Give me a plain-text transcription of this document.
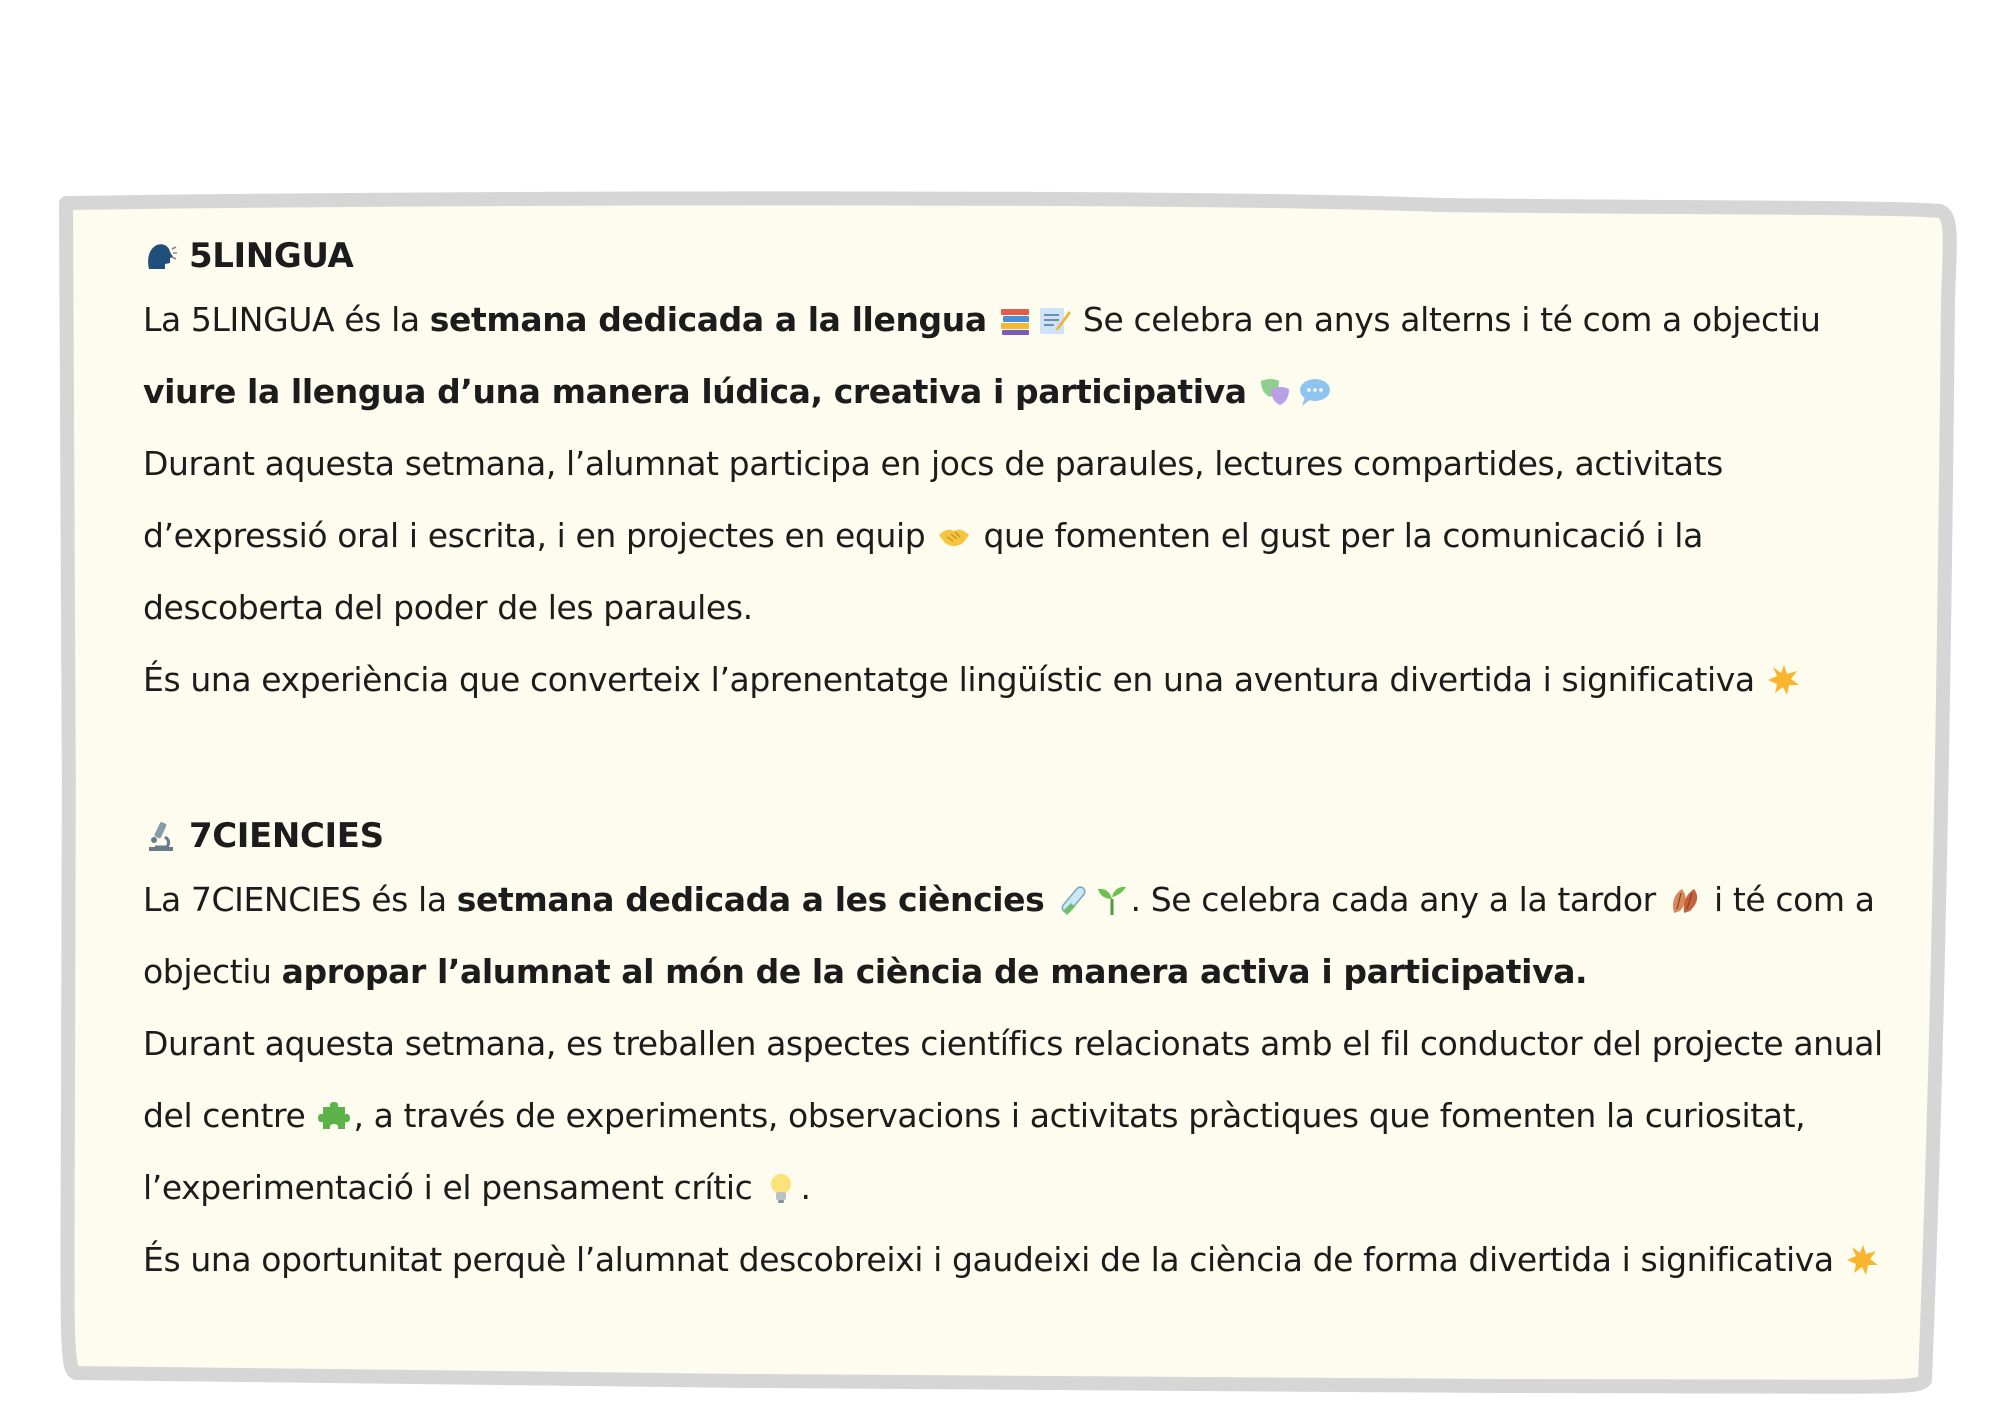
5LINGUA

La 5LINGUA és la setmana dedicada a la llengua	Se celebra en anys alterns i té com a objectiu viure la llengua d’una manera lúdica, creativa i participativa

Durant aquesta setmana, l’alumnat participa en jocs de paraules, lectures compartides, activitats d’expressió oral i escrita, i en projectes en equip
que fomenten el gust per la comunicació i la descoberta del poder de les paraules.

És una experiència que converteix l’aprenentatge lingüístic en una aventura divertida i significativa

7CIENCIES

La 7CIENCIES és la setmana dedicada a les ciències	. Se celebra cada any a la tardor
i té com a objectiu apropar l’alumnat al món de la ciència de manera activa i participativa.

Durant aquesta setmana, es treballen aspectes científics relacionats amb el fil conductor del projecte anual del centre , a través de experiments, observacions i activitats pràctiques que fomenten la curiositat, l’experimentació i el pensament crític .

És una oportunitat perquè l’alumnat descobreixi i gaudeixi de la ciència de forma divertida i significativa
